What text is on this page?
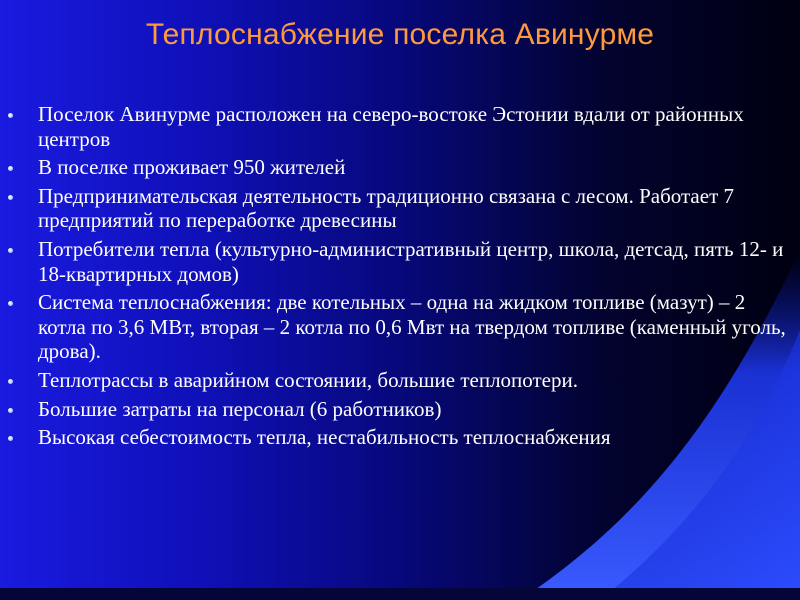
Теплоснабжение поселка Авинурме
Поселок Авинурме расположен на северо-востоке Эстонии вдали от районных центров
В поселке проживает 950 жителей
Предпринимательская деятельность традиционно связана с лесом. Работает 7 предприятий по переработке древесины
Потребители тепла (культурно-административный центр, школа, детсад, пять 12- и 18-квартирных домов)
Система теплоснабжения: две котельных – одна на жидком топливе (мазут) – 2 котла по 3,6 МВт, вторая – 2 котла по 0,6 Мвт на твердом топливе (каменный уголь, дрова).
Теплотрассы в аварийном состоянии, большие теплопотери.
Большие затраты на персонал (6 работников)
Высокая себестоимость тепла, нестабильность теплоснабжения
